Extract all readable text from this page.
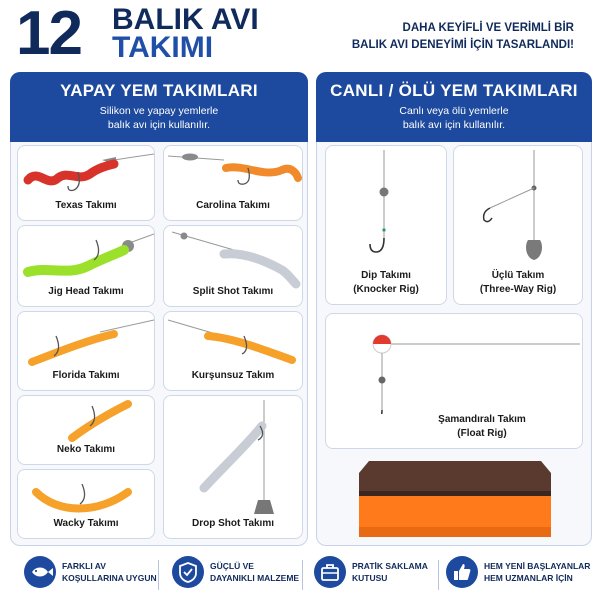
12 BALIK AVI
TAKIMI
DAHA KEYİFLİ VE VERİMLİ BİR
BALIK AVI DENEYİMİ İÇİN TASARLANDI!
YAPAY YEM TAKIMLARI
Silikon ve yapay yemlerle
balık avı için kullanılır.
Texas Takımı	Carolina Takımı
Jig Head Takımı	Split Shot Takımı
Florida Takımı	Kurşunsuz Takım
Neko Takımı
Drop Shot Takımı
Wacky Takımı
CANLI / ÖLÜ YEM TAKIMLARI
Canlı veya ölü yemlerle
balık avı için kullanılır.
Dip Takımı
(Knocker Rig)
Üçlü Takım
(Three-Way Rig)
Şamandıralı Takım
(Float Rig)
FARKLI AV
KOŞULLARINA UYGUN
GÜÇLÜ VE
DAYANIKLI MALZEME
PRATİK SAKLAMA
KUTUSU
HEM YENİ BAŞLAYANLAR
HEM UZMANLAR İÇİN
